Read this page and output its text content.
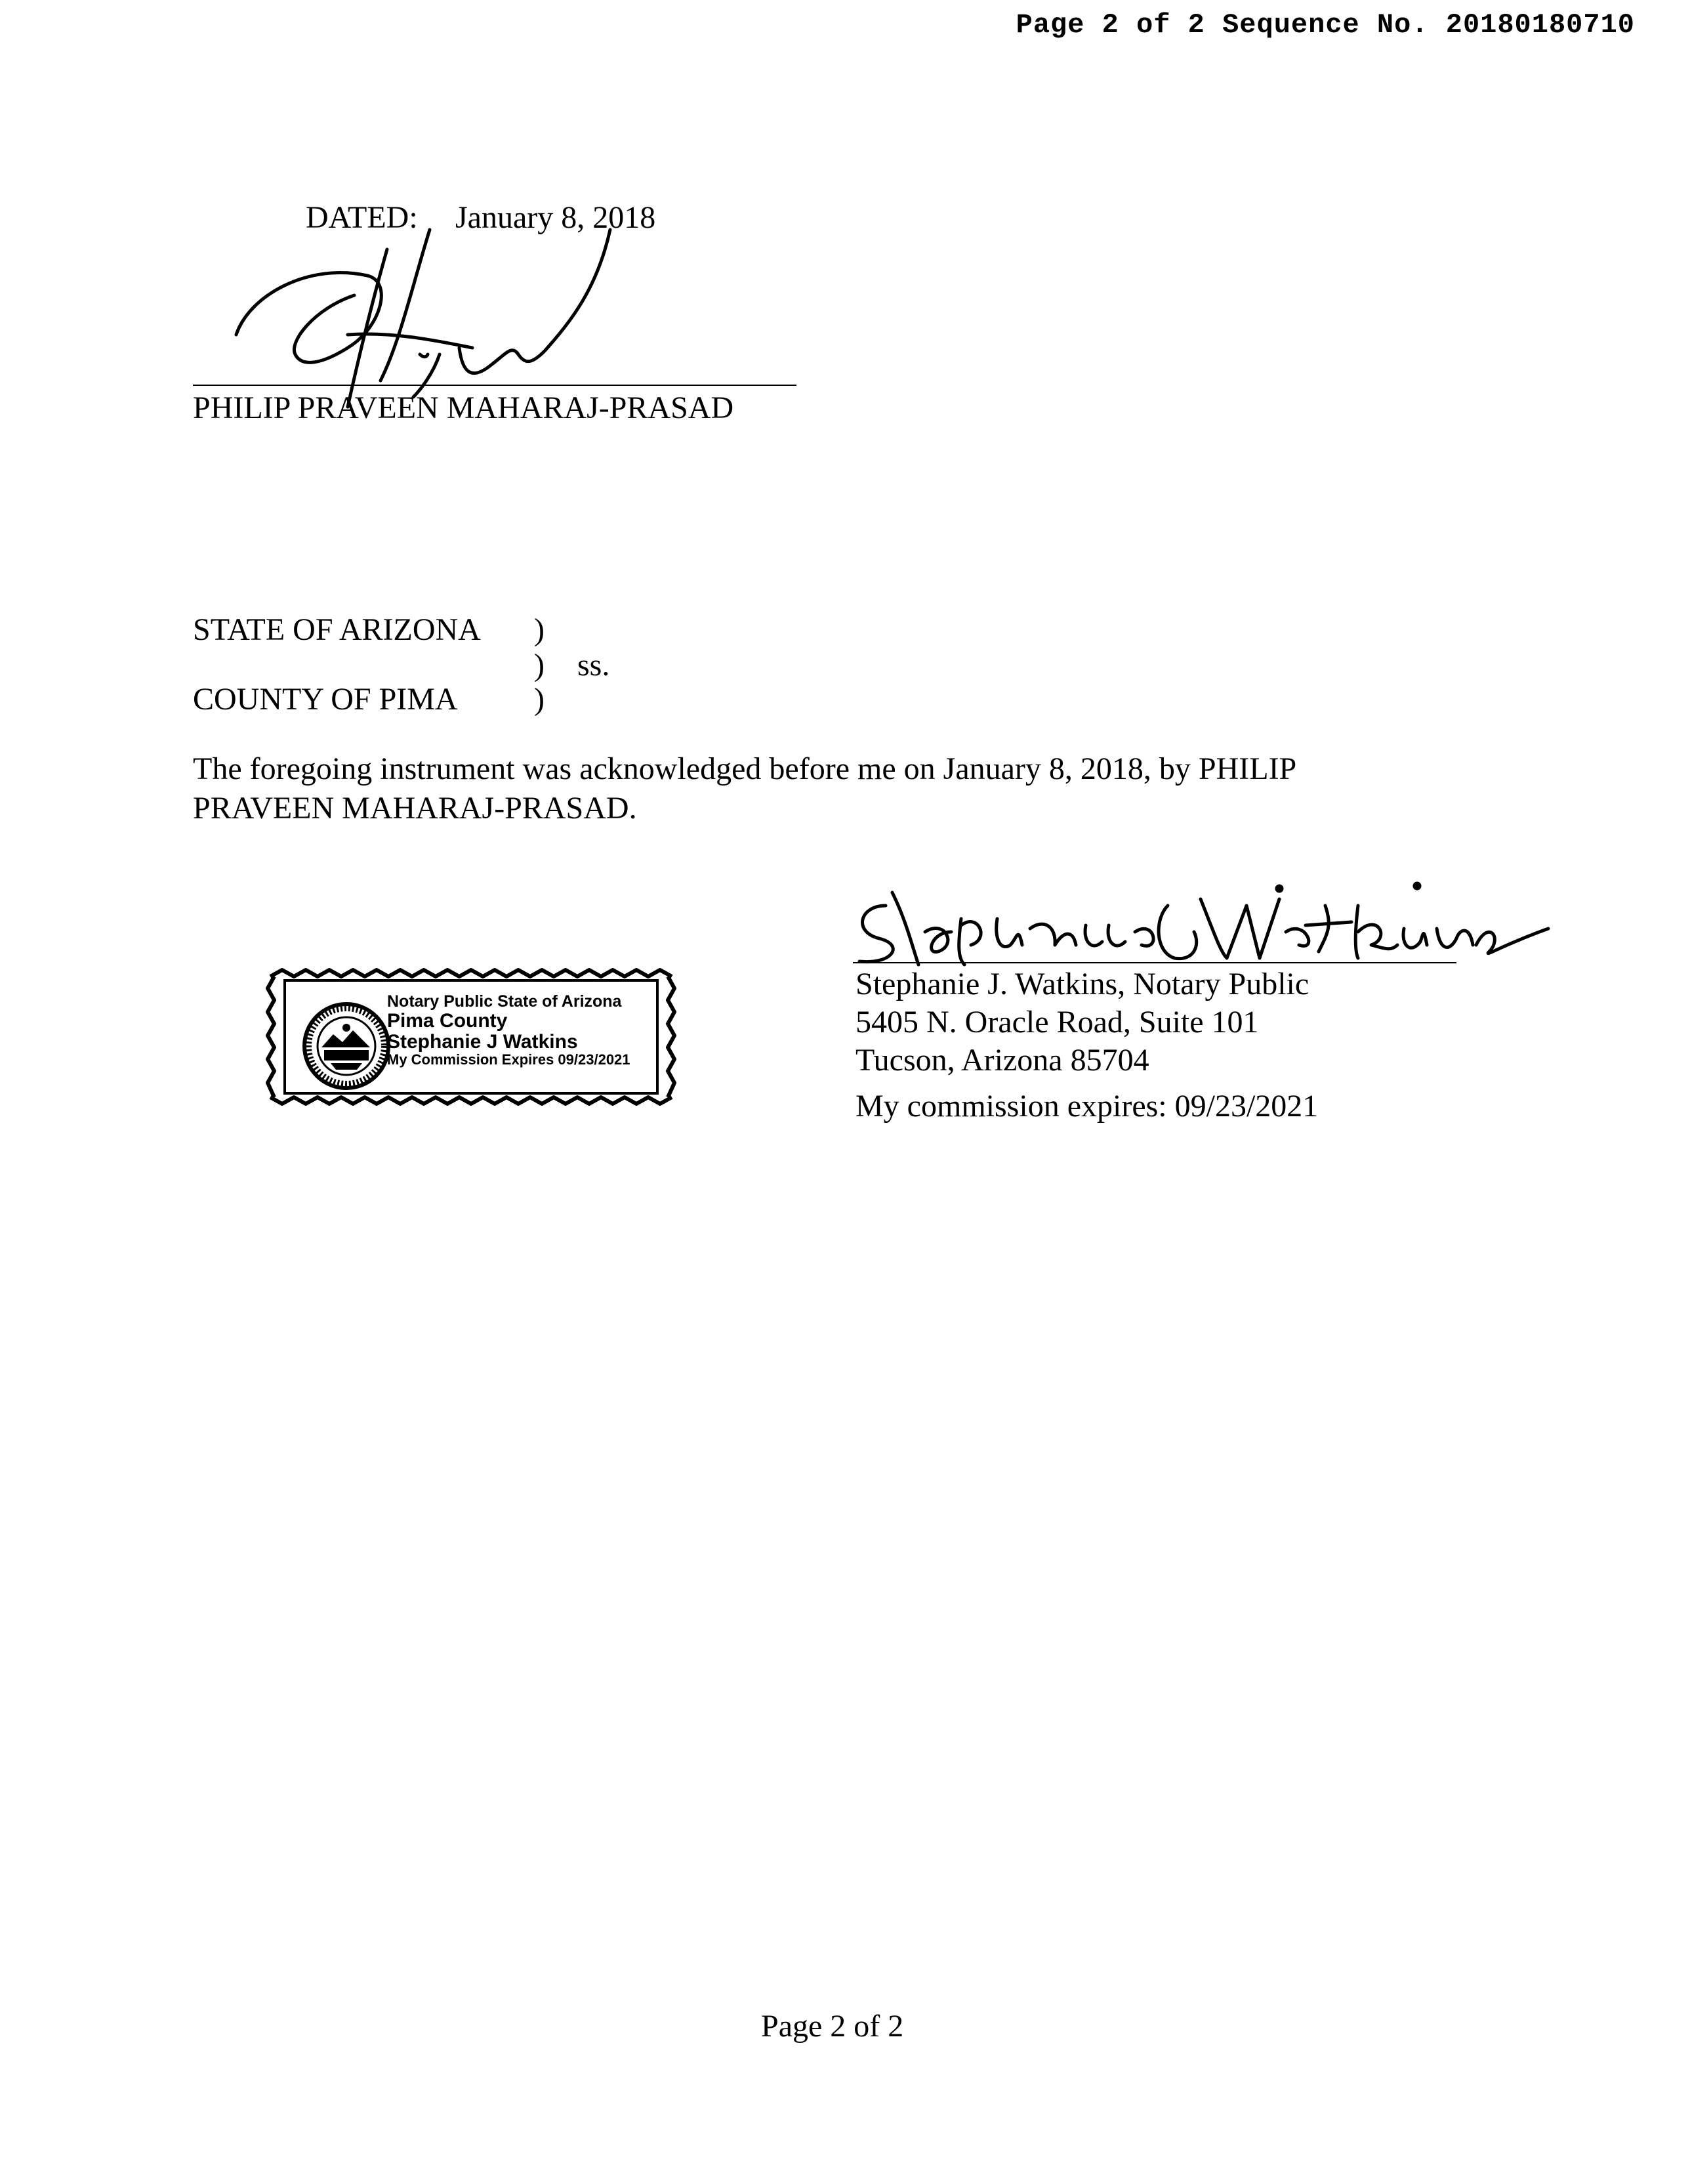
Page 2 of 2 Sequence No. 20180180710
DATED: January 8, 2018
PHILIP PRAVEEN MAHARAJ-PRASAD
STATE OF ARIZONA )
) ss.
COUNTY OF PIMA )
The foregoing instrument was acknowledged before me on January 8, 2018, by PHILIP
PRAVEEN MAHARAJ-PRASAD.
Notary Public State of Arizona
Pima County
Stephanie J Watkins
My Commission Expires 09/23/2021
Stephanie J. Watkins, Notary Public
5405 N. Oracle Road, Suite 101
Tucson, Arizona 85704
My commission expires: 09/23/2021
Page 2 of 2
